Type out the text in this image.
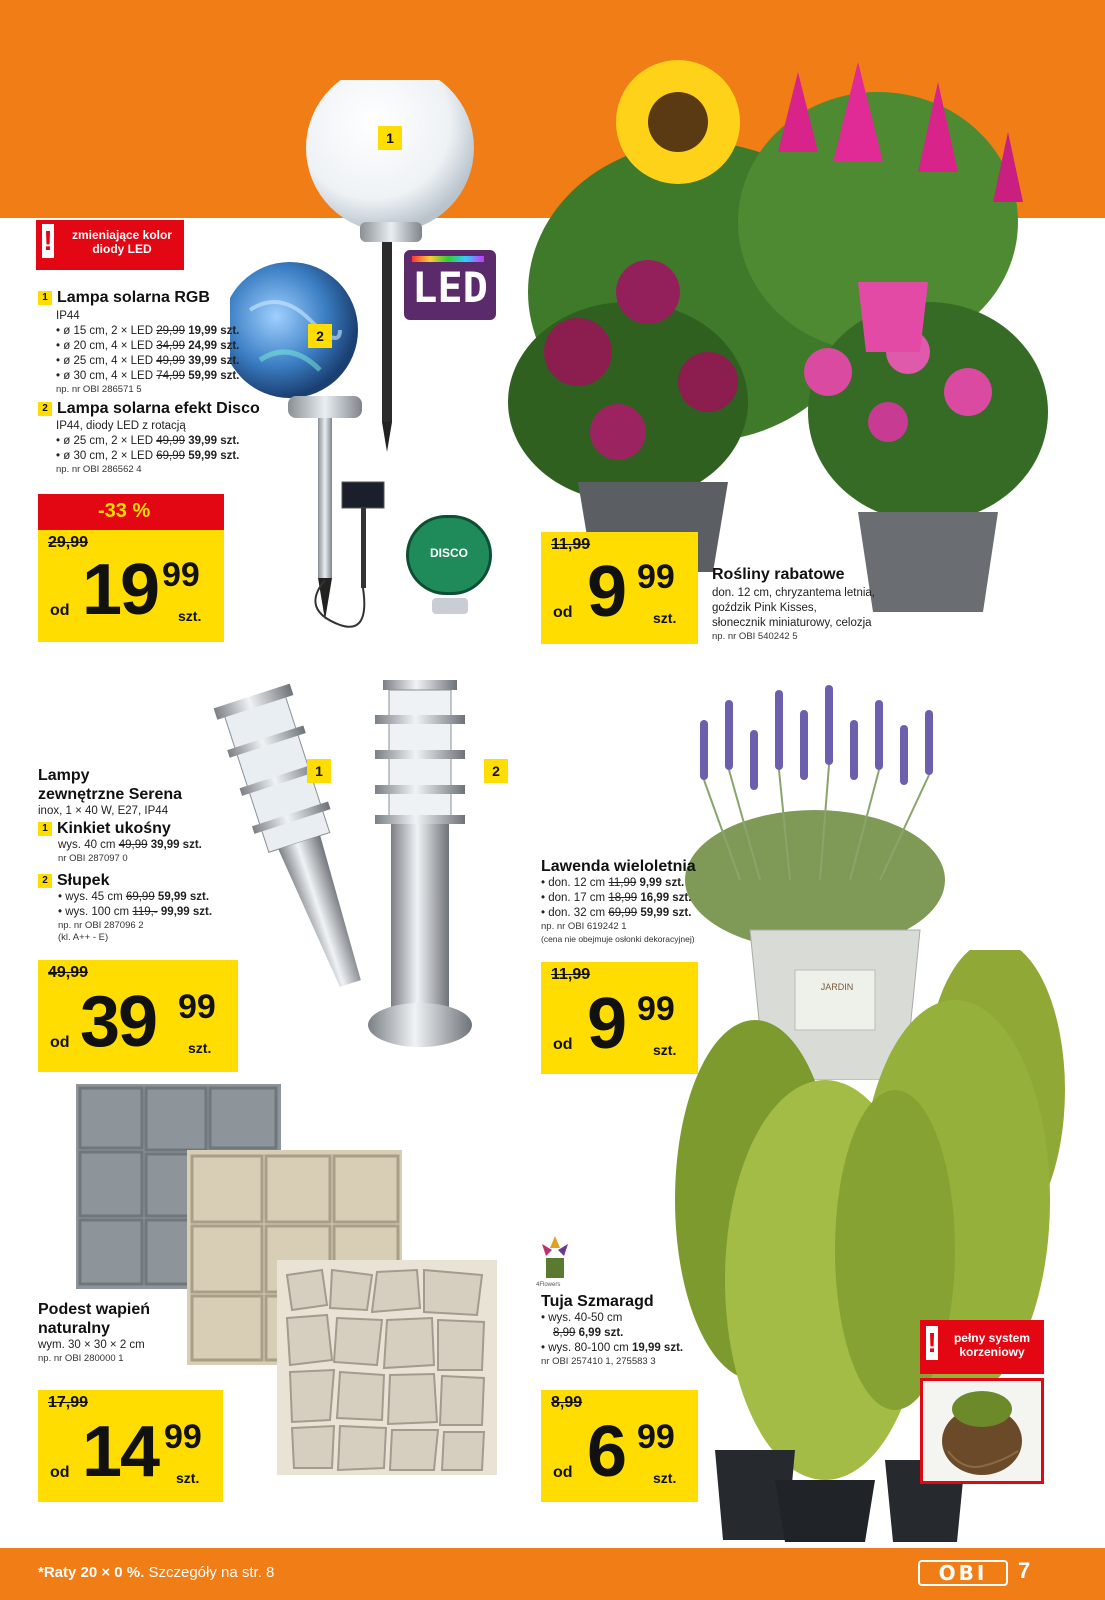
*Raty 20 × 0 %. Szczegóły na str. 8	OBI	7
1
2
LED
DISCO
!	zmieniające kolor
diody LED
1 Lampa solarna RGB
IP44
• ø 15 cm, 2 × LED 29,99 19,99 szt.
• ø 20 cm, 4 × LED 34,99 24,99 szt.
• ø 25 cm, 4 × LED 49,99 39,99 szt.
• ø 30 cm, 4 × LED 74,99 59,99 szt.
np. nr OBI 286571 5
2 Lampa solarna efekt Disco
IP44, diody LED z rotacją
• ø 25 cm, 2 × LED 49,99 39,99 szt.
• ø 30 cm, 2 × LED 69,99 59,99 szt.
np. nr OBI 286562 4
-33 %
29,99
od 19 99
szt.
11,99
od 9 99
szt.
Rośliny rabatowe
don. 12 cm, chryzantema letnia,
goździk Pink Kisses,
słonecznik miniaturowy, celozja
np. nr OBI 540242 5
1	2
Lampy
zewnętrzne Serena
inox, 1 × 40 W, E27, IP44
1 Kinkiet ukośny
wys. 40 cm 49,99 39,99 szt.
nr OBI 287097 0
2 Słupek
• wys. 45 cm 69,99 59,99 szt.
• wys. 100 cm 119,- 99,99 szt.
np. nr OBI 287096 2
(kl. A++ - E)
49,99
od 39 99
szt.
JARDIN
Lawenda wieloletnia
• don. 12 cm 11,99 9,99 szt.
• don. 17 cm 18,99 16,99 szt.
• don. 32 cm 69,99 59,99 szt.
np. nr OBI 619242 1
(cena nie obejmuje osłonki dekoracyjnej)
11,99
od 9 99
szt.
Podest wapień
naturalny
wym. 30 × 30 × 2 cm
np. nr OBI 280000 1
17,99
od 14 99
szt.
4Flowers
Tuja Szmaragd
• wys. 40-50 cm
8,99 6,99 szt.
• wys. 80-100 cm 19,99 szt.
nr OBI 257410 1, 275583 3
8,99
od 6 99
szt.
!	pełny system
korzeniowy
